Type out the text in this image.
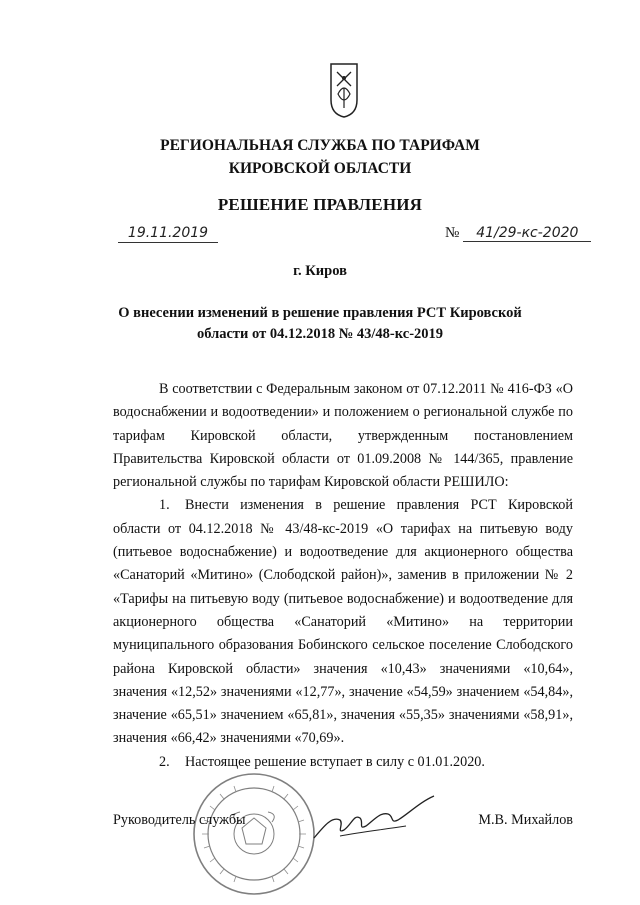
РЕГИОНАЛЬНАЯ СЛУЖБА ПО ТАРИФАМ
КИРОВСКОЙ ОБЛАСТИ
РЕШЕНИЕ ПРАВЛЕНИЯ
19.11.2019	№ 41/29-кс-2020
г. Киров
О внесении изменений в решение правления РСТ Кировской
области от 04.12.2018 № 43/48-кс-2019

В соответствии с Федеральным законом от 07.12.2011 № 416-ФЗ «О водоснабжении и водоотведении» и положением о региональной службе по тарифам Кировской области, утвержденным постановлением Правительства Кировской области от 01.09.2008 № 144/365, правление региональной службы по тарифам Кировской области РЕШИЛО:

1. Внести изменения в решение правления РСТ Кировской области от 04.12.2018 № 43/48-кс-2019 «О тарифах на питьевую воду (питьевое водоснабжение) и водоотведение для акционерного общества «Санаторий «Митино» (Слободской район)», заменив в приложении № 2 «Тарифы на питьевую воду (питьевое водоснабжение) и водоотведение для акционерного общества «Санаторий «Митино» на территории муниципального образования Бобинского сельское поселение Слободского района Кировской области» значения «10,43» значениями «10,64», значения «12,52» значениями «12,77», значение «54,59» значением «54,84», значение «65,51» значением «65,81», значения «55,35» значениями «58,91», значения «66,42» значениями «70,69».

2. Настоящее решение вступает в силу с 01.01.2020.

Руководитель службы	М.В. Михайлов
